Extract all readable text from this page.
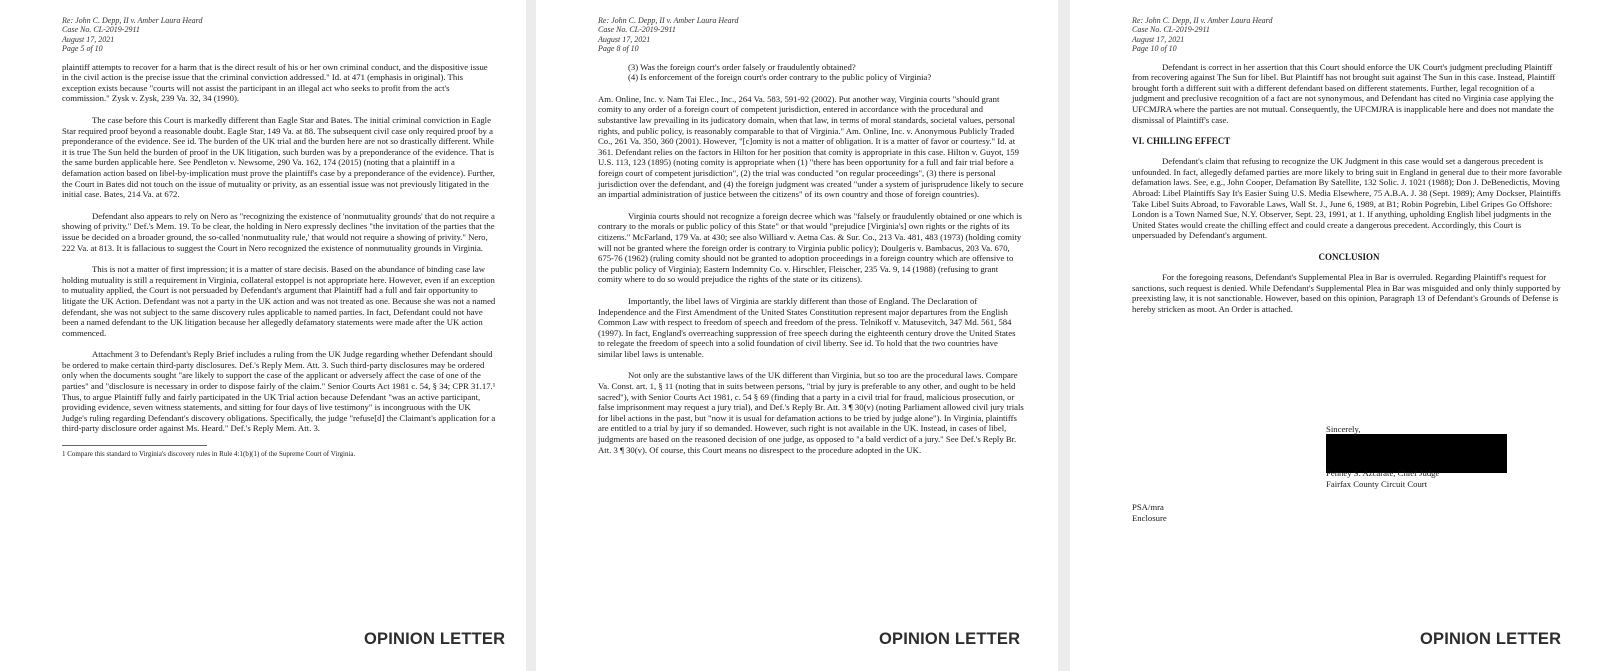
Re: John C. Depp, II v. Amber Laura Heard
Case No. CL-2019-2911
August 17, 2021
Page 5 of 10

plaintiff attempts to recover for a harm that is the direct result of his or her own criminal conduct, and the dispositive issue in the civil action is the precise issue that the criminal conviction addressed." Id. at 471 (emphasis in original). This exception exists because "courts will not assist the participant in an illegal act who seeks to profit from the act's commission." Zysk v. Zysk, 239 Va. 32, 34 (1990).

The case before this Court is markedly different than Eagle Star and Bates. The initial criminal conviction in Eagle Star required proof beyond a reasonable doubt. Eagle Star, 149 Va. at 88. The subsequent civil case only required proof by a preponderance of the evidence. See id. The burden of the UK trial and the burden here are not so drastically different. While it is true The Sun held the burden of proof in the UK litigation, such burden was by a preponderance of the evidence. That is the same burden applicable here. See Pendleton v. Newsome, 290 Va. 162, 174 (2015) (noting that a plaintiff in a defamation action based on libel-by-implication must prove the plaintiff's case by a preponderance of the evidence). Further, the Court in Bates did not touch on the issue of mutuality or privity, as an essential issue was not previously litigated in the initial case. Bates, 214 Va. at 672.

Defendant also appears to rely on Nero as "recognizing the existence of 'nonmutuality grounds' that do not require a showing of privity." Def.'s Mem. 19. To be clear, the holding in Nero expressly declines "the invitation of the parties that the issue be decided on a broader ground, the so-called 'nonmutuality rule,' that would not require a showing of privity." Nero, 222 Va. at 813. It is fallacious to suggest the Court in Nero recognized the existence of nonmutuality grounds in Virginia.

This is not a matter of first impression; it is a matter of stare decisis. Based on the abundance of binding case law holding mutuality is still a requirement in Virginia, collateral estoppel is not appropriate here. However, even if an exception to mutuality applied, the Court is not persuaded by Defendant's argument that Plaintiff had a full and fair opportunity to litigate the UK Action. Defendant was not a party in the UK action and was not treated as one. Because she was not a named defendant, she was not subject to the same discovery rules applicable to named parties. In fact, Defendant could not have been a named defendant to the UK litigation because her allegedly defamatory statements were made after the UK action commenced.

Attachment 3 to Defendant's Reply Brief includes a ruling from the UK Judge regarding whether Defendant should be ordered to make certain third-party disclosures. Def.'s Reply Mem. Att. 3. Such third-party disclosures may be ordered only when the documents sought "are likely to support the case of the applicant or adversely affect the case of one of the parties" and "disclosure is necessary in order to dispose fairly of the claim." Senior Courts Act 1981 c. 54, § 34; CPR 31.17.¹ Thus, to argue Plaintiff fully and fairly participated in the UK Trial action because Defendant "was an active participant, providing evidence, seven witness statements, and sitting for four days of live testimony" is incongruous with the UK Judge's ruling regarding Defendant's discovery obligations. Specifically, the judge "refuse[d] the Claimant's application for a third-party disclosure order against Ms. Heard." Def.'s Reply Mem. Att. 3.

1 Compare this standard to Virginia's discovery rules in Rule 4:1(b)(1) of the Supreme Court of Virginia.
OPINION LETTER
Re: John C. Depp, II v. Amber Laura Heard
Case No. CL-2019-2911
August 17, 2021
Page 8 of 10

(3) Was the foreign court's order falsely or fraudulently obtained?

(4) Is enforcement of the foreign court's order contrary to the public policy of Virginia?

Am. Online, Inc. v. Nam Tai Elec., Inc., 264 Va. 583, 591-92 (2002). Put another way, Virginia courts "should grant comity to any order of a foreign court of competent jurisdiction, entered in accordance with the procedural and substantive law prevailing in its judicatory domain, when that law, in terms of moral standards, societal values, personal rights, and public policy, is reasonably comparable to that of Virginia." Am. Online, Inc. v. Anonymous Publicly Traded Co., 261 Va. 350, 360 (2001). However, "[c]omity is not a matter of obligation. It is a matter of favor or courtesy." Id. at 361. Defendant relies on the factors in Hilton for her position that comity is appropriate in this case. Hilton v. Guyot, 159 U.S. 113, 123 (1895) (noting comity is appropriate when (1) "there has been opportunity for a full and fair trial before a foreign court of competent jurisdiction", (2) the trial was conducted "on regular proceedings", (3) there is personal jurisdiction over the defendant, and (4) the foreign judgment was created "under a system of jurisprudence likely to secure an impartial administration of justice between the citizens" of its own country and those of foreign countries).

Virginia courts should not recognize a foreign decree which was "falsely or fraudulently obtained or one which is contrary to the morals or public policy of this State" or that would "prejudice [Virginia's] own rights or the rights of its citizens." McFarland, 179 Va. at 430; see also Williard v. Aetna Cas. & Sur. Co., 213 Va. 481, 483 (1973) (holding comity will not be granted where the foreign order is contrary to Virginia public policy); Doulgeris v. Bambacus, 203 Va. 670, 675-76 (1962) (ruling comity should not be granted to adoption proceedings in a foreign country which are offensive to the public policy of Virginia); Eastern Indemnity Co. v. Hirschler, Fleischer, 235 Va. 9, 14 (1988) (refusing to grant comity where to do so would prejudice the rights of the state or its citizens).

Importantly, the libel laws of Virginia are starkly different than those of England. The Declaration of Independence and the First Amendment of the United States Constitution represent major departures from the English Common Law with respect to freedom of speech and freedom of the press. Telnikoff v. Matusevitch, 347 Md. 561, 584 (1997). In fact, England's overreaching suppression of free speech during the eighteenth century drove the United States to relegate the freedom of speech into a solid foundation of civil liberty. See id. To hold that the two countries have similar libel laws is untenable.

Not only are the substantive laws of the UK different than Virginia, but so too are the procedural laws. Compare Va. Const. art. 1, § 11 (noting that in suits between persons, "trial by jury is preferable to any other, and ought to be held sacred"), with Senior Courts Act 1981, c. 54 § 69 (finding that a party in a civil trial for fraud, malicious prosecution, or false imprisonment may request a jury trial), and Def.'s Reply Br. Att. 3 ¶ 30(v) (noting Parliament allowed civil jury trials for libel actions in the past, but "now it is usual for defamation actions to be tried by judge alone"). In Virginia, plaintiffs are entitled to a trial by jury if so demanded. However, such right is not available in the UK. Instead, in cases of libel, judgments are based on the reasoned decision of one judge, as opposed to "a bald verdict of a jury." See Def.'s Reply Br. Att. 3 ¶ 30(v). Of course, this Court means no disrespect to the procedure adopted in the UK.

OPINION LETTER
Re: John C. Depp, II v. Amber Laura Heard
Case No. CL-2019-2911
August 17, 2021
Page 10 of 10

Defendant is correct in her assertion that this Court should enforce the UK Court's judgment precluding Plaintiff from recovering against The Sun for libel. But Plaintiff has not brought suit against The Sun in this case. Instead, Plaintiff brought forth a different suit with a different defendant based on different statements. Further, legal recognition of a judgment and preclusive recognition of a fact are not synonymous, and Defendant has cited no Virginia case applying the UFCMJRA where the parties are not mutual. Consequently, the UFCMJRA is inapplicable here and does not mandate the dismissal of Plaintiff's case.

VI. CHILLING EFFECT

Defendant's claim that refusing to recognize the UK Judgment in this case would set a dangerous precedent is unfounded. In fact, allegedly defamed parties are more likely to bring suit in England in general due to their more favorable defamation laws. See, e.g., John Cooper, Defamation By Satellite, 132 Solic. J. 1021 (1988); Don J. DeBenedictis, Moving Abroad: Libel Plaintiffs Say It's Easier Suing U.S. Media Elsewhere, 75 A.B.A. J. 38 (Sept. 1989); Amy Dockser, Plaintiffs Take Libel Suits Abroad, to Favorable Laws, Wall St. J., June 6, 1989, at B1; Robin Pogrebin, Libel Gripes Go Offshore: London is a Town Named Sue, N.Y. Observer, Sept. 23, 1991, at 1. If anything, upholding English libel judgments in the United States would create the chilling effect and could create a dangerous precedent. Accordingly, this Court is unpersuaded by Defendant's argument.

CONCLUSION

For the foregoing reasons, Defendant's Supplemental Plea in Bar is overruled. Regarding Plaintiff's request for sanctions, such request is denied. While Defendant's Supplemental Plea in Bar was misguided and only thinly supported by preexisting law, it is not sanctionable. However, based on this opinion, Paragraph 13 of Defendant's Grounds of Defense is hereby stricken as moot. An Order is attached.

Sincerely,
Penney S. Azcarate, Chief Judge
Fairfax County Circuit Court
PSA/mra
Enclosure
OPINION LETTER
